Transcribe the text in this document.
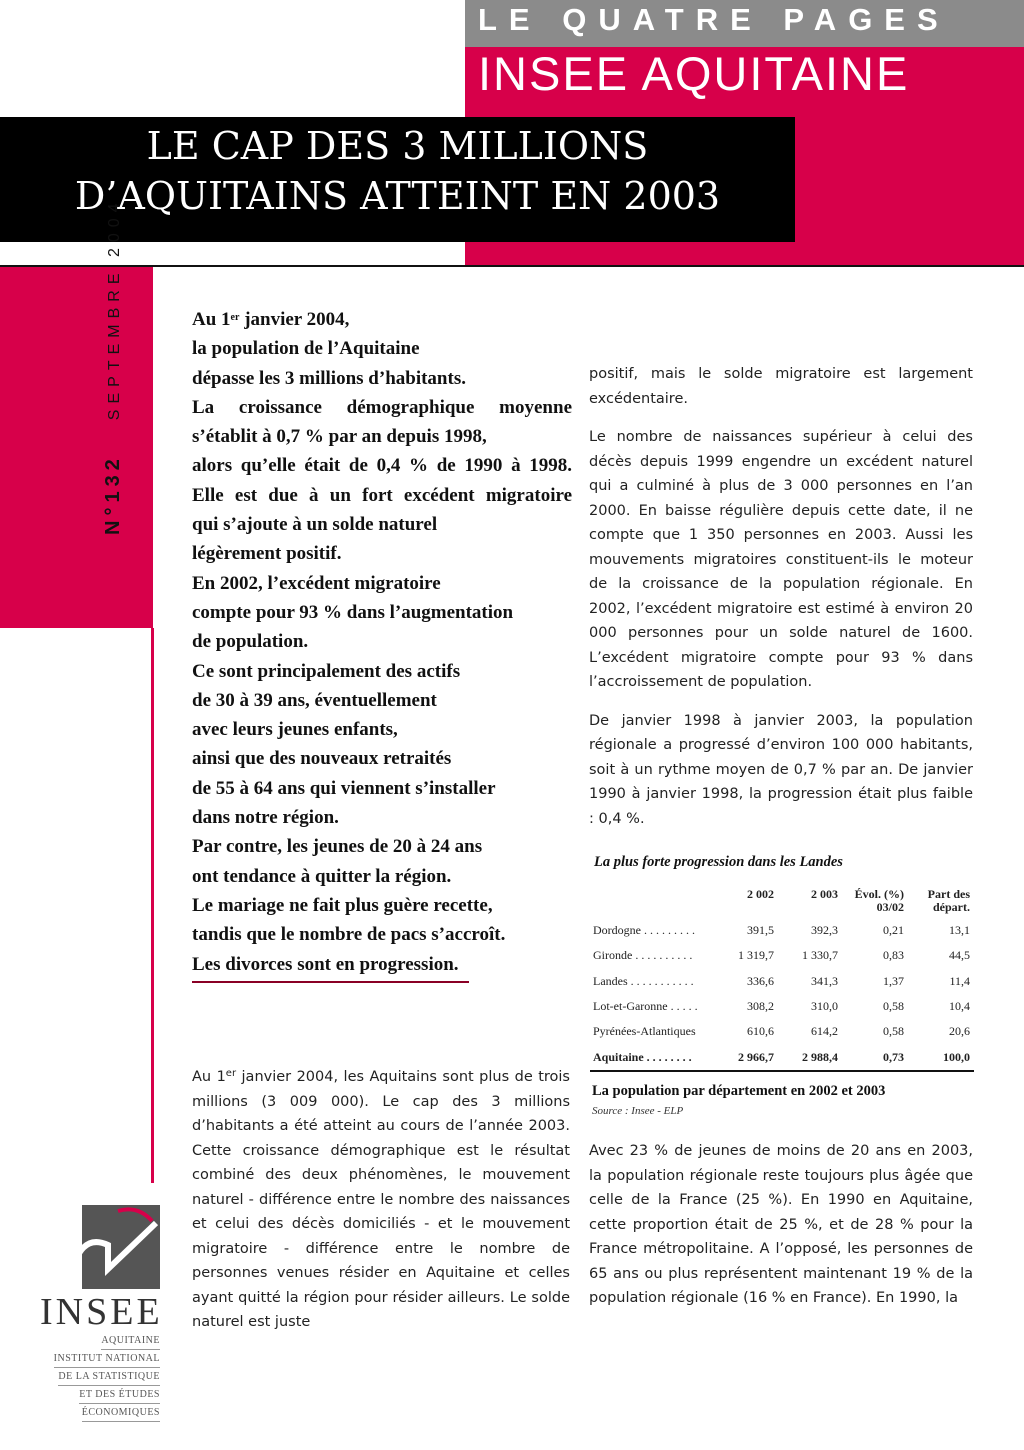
LE QUATRE PAGES
INSEE AQUITAINE
LE CAP DES 3 MILLIONS
D’AQUITAINS ATTEINT EN 2003
N°132SEPTEMBRE 2004	Au 1er janvier 2004,
la population de l’Aquitaine
dépasse les 3 millions d’habitants.
La croissance démographique moyenne
s’établit à 0,7 % par an depuis 1998,
alors qu’elle était de 0,4 % de 1990 à 1998.
Elle est due à un fort excédent migratoire
qui s’ajoute à un solde naturel
légèrement positif.
En 2002, l’excédent migratoire
compte pour 93 % dans l’augmentation
de population.
Ce sont principalement des actifs
de 30 à 39 ans, éventuellement
avec leurs jeunes enfants,
ainsi que des nouveaux retraités
de 55 à 64 ans qui viennent s’installer
dans notre région.
Par contre, les jeunes de 20 à 24 ans
ont tendance à quitter la région.
Le mariage ne fait plus guère recette,
tandis que le nombre de pacs s’accroît.
Les divorces sont en progression.
Au 1er janvier 2004, les Aquitains sont plus de trois millions (3 009 000). Le cap des 3 millions d’habitants a été atteint au cours de l’année 2003. Cette croissance démographique est le résultat combiné des deux phénomènes, le mouvement naturel - différence entre le nombre des naissances et celui des décès domiciliés - et le mouvement migratoire - différence entre le nombre de personnes venues résider en Aquitaine et celles ayant quitté la région pour résider ailleurs. Le solde naturel est juste

positif, mais le solde migratoire est largement excédentaire.

Le nombre de naissances supérieur à celui des décès depuis 1999 engendre un excédent naturel qui a culminé à plus de 3 000 personnes en l’an 2000. En baisse régulière depuis cette date, il ne compte que 1 350 personnes en 2003. Aussi les mouvements migratoires constituent-ils le moteur de la croissance de la population régionale. En 2002, l’excédent migratoire est estimé à environ 20 000 personnes pour un solde naturel de 1600. L’excédent migratoire compte pour 93 % dans l’accroissement de population.

De janvier 1998 à janvier 2003, la population régionale a progressé d’environ 100 000 habitants, soit à un rythme moyen de 0,7 % par an. De janvier 1990 à janvier 1998, la progression était plus faible : 0,4 %.

La plus forte progression dans les Landes
	2 002	2 003	Évol. (%) 03/02	Part des départ.
Dordogne . . . . . . . . .	391,5	392,3	0,21	13,1
Gironde . . . . . . . . . .	1 319,7	1 330,7	0,83	44,5
Landes . . . . . . . . . . .	336,6	341,3	1,37	11,4
Lot-et-Garonne . . . . .	308,2	310,0	0,58	10,4
Pyrénées-Atlantiques	610,6	614,2	0,58	20,6
Aquitaine . . . . . . . .	2 966,7	2 988,4	0,73	100,0
La population par département en 2002 et 2003
Source : Insee - ELP

Avec 23 % de jeunes de moins de 20 ans en 2003, la population régionale reste toujours plus âgée que celle de la France (25 %). En 1990 en Aquitaine, cette proportion était de 25 %, et de 28 % pour la France métropolitaine. A l’opposé, les personnes de 65 ans ou plus représentent maintenant 19 % de la population régionale (16 % en France). En 1990, la

INSEE
AQUITAINE
INSTITUT NATIONAL
DE LA STATISTIQUE
ET DES ÉTUDES
ÉCONOMIQUES
